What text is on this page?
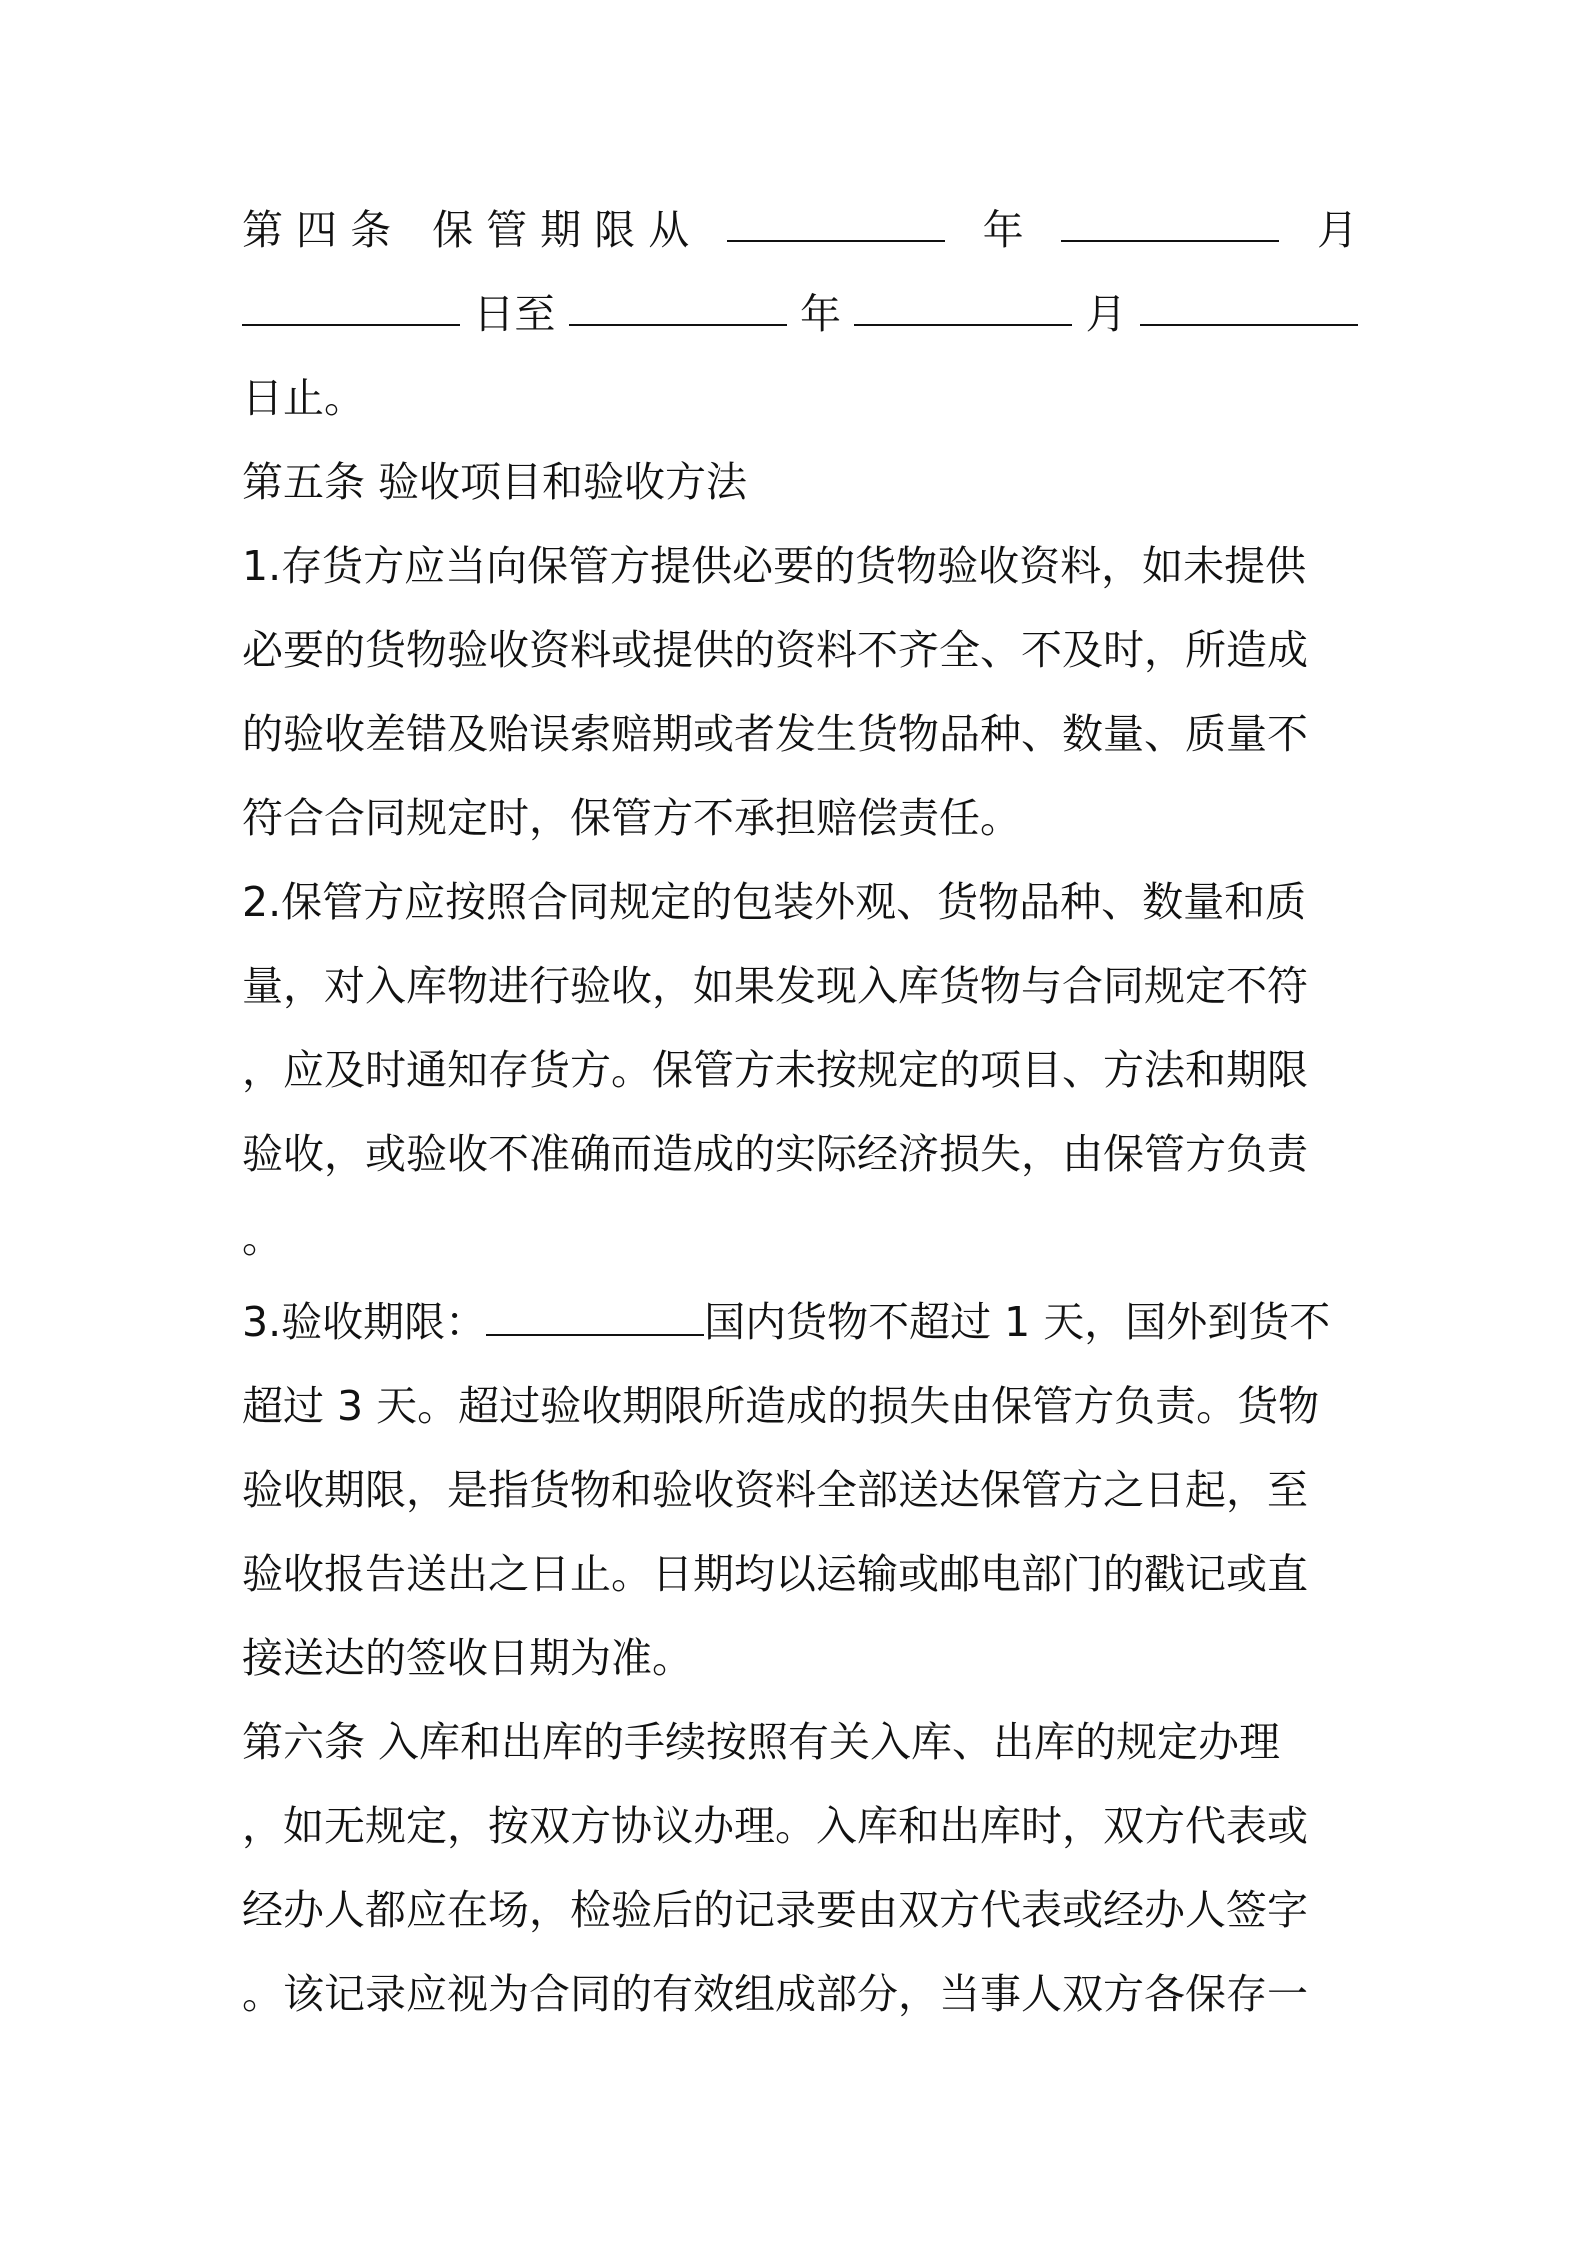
第 四 条　保 管 期 限 从	年	月
日至	年	月
日止。
第五条 验收项目和验收方法
1.存货方应当向保管方提供必要的货物验收资料，如未提供
必要的货物验收资料或提供的资料不齐全、不及时，所造成
的验收差错及贻误索赔期或者发生货物品种、数量、质量不
符合合同规定时，保管方不承担赔偿责任。
2.保管方应按照合同规定的包装外观、货物品种、数量和质
量，对入库物进行验收，如果发现入库货物与合同规定不符
，应及时通知存货方。保管方未按规定的项目、方法和期限
验收，或验收不准确而造成的实际经济损失，由保管方负责
。
3.验收期限：	国内货物不超过 1 天，国外到货不
超过 3 天。超过验收期限所造成的损失由保管方负责。货物
验收期限，是指货物和验收资料全部送达保管方之日起，至
验收报告送出之日止。日期均以运输或邮电部门的戳记或直
接送达的签收日期为准。
第六条 入库和出库的手续按照有关入库、出库的规定办理
，如无规定，按双方协议办理。入库和出库时，双方代表或
经办人都应在场，检验后的记录要由双方代表或经办人签字
。该记录应视为合同的有效组成部分，当事人双方各保存一
